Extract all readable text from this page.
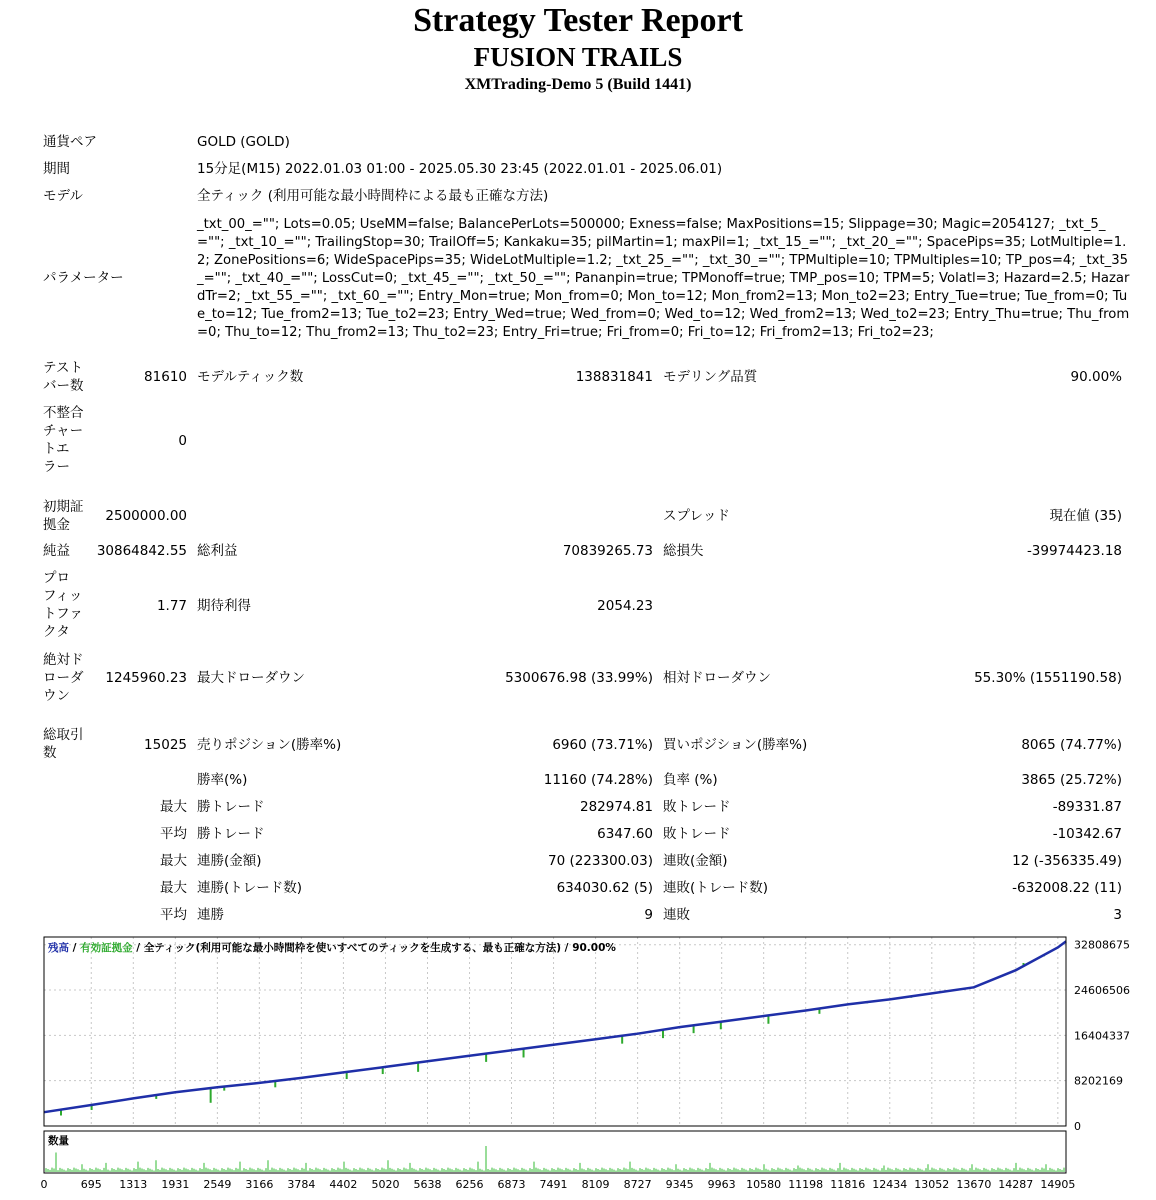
Strategy Tester Report
FUSION TRAILS
XMTrading-Demo 5 (Build 1441)
通貨ペア	GOLD (GOLD)
期間	15分足(M15) 2022.01.03 01:00 - 2025.05.30 23:45 (2022.01.01 - 2025.06.01)
モデル	全ティック (利用可能な最小時間枠による最も正確な方法)
パラメーター
_txt_00_=""; Lots=0.05; UseMM=false; BalancePerLots=500000; Exness=false; MaxPositions=15; Slippage=30; Magic=2054127; _txt_5_=""; _txt_10_=""; TrailingStop=30; TrailOff=5; Kankaku=35; pilMartin=1; maxPil=1; _txt_15_=""; _txt_20_=""; SpacePips=35; LotMultiple=1.2; ZonePositions=6; WideSpacePips=35; WideLotMultiple=1.2; _txt_25_=""; _txt_30_=""; TPMultiple=10; TPMultiples=10; TP_pos=4; _txt_35_=""; _txt_40_=""; LossCut=0; _txt_45_=""; _txt_50_=""; Pananpin=true; TPMonoff=true; TMP_pos=10; TPM=5; Volatl=3; Hazard=2.5; HazardTr=2; _txt_55_=""; _txt_60_=""; Entry_Mon=true; Mon_from=0; Mon_to=12; Mon_from2=13; Mon_to2=23; Entry_Tue=true; Tue_from=0; Tue_to=12; Tue_from2=13; Tue_to2=23; Entry_Wed=true; Wed_from=0; Wed_to=12; Wed_from2=13; Wed_to2=23; Entry_Thu=true; Thu_from=0; Thu_to=12; Thu_from2=13; Thu_to2=23; Entry_Fri=true; Fri_from=0; Fri_to=12; Fri_from2=13; Fri_to2=23;
テスト
バー数
81610 モデルティック数	138831841 モデリング品質	90.00%
不整合
チャー
トエ
ラー
0
初期証
拠金
2500000.00	スプレッド	現在値 (35)
純益	30864842.55 総利益	70839265.73 総損失	-39974423.18
プロ
フィッ
トファ
クタ
1.77 期待利得	2054.23
絶対ド
ローダ
ウン
1245960.23 最大ドローダウン	5300676.98 (33.99%) 相対ドローダウン	55.30% (1551190.58)
総取引
数	15025 売りポジション(勝率%)	6960 (73.71%) 買いポジション(勝率%)	8065 (74.77%)
勝率(%)	11160 (74.28%) 負率 (%)	3865 (25.72%)
最大 勝トレード	282974.81 敗トレード	-89331.87
平均 勝トレード	6347.60 敗トレード	-10342.67
最大 連勝(金額)	70 (223300.03) 連敗(金額)	12 (-356335.49)
最大 連勝(トレード数)	634030.62 (5) 連敗(トレード数)	-632008.22 (11)
平均 連勝	9 連敗	3
残高 / 有効証拠金 / 全ティック(利用可能な最小時間枠を使いすべてのティックを生成する、最も正確な方法) / 90.00%	32808675
24606506
16404337
8202169
0
数量
0	695 1313 1931 2549 3166 3784 4402 5020 5638 6256 6873 7491 8109 8727 9345 9963 10580 11198 11816 12434 13052 13670 14287 14905
